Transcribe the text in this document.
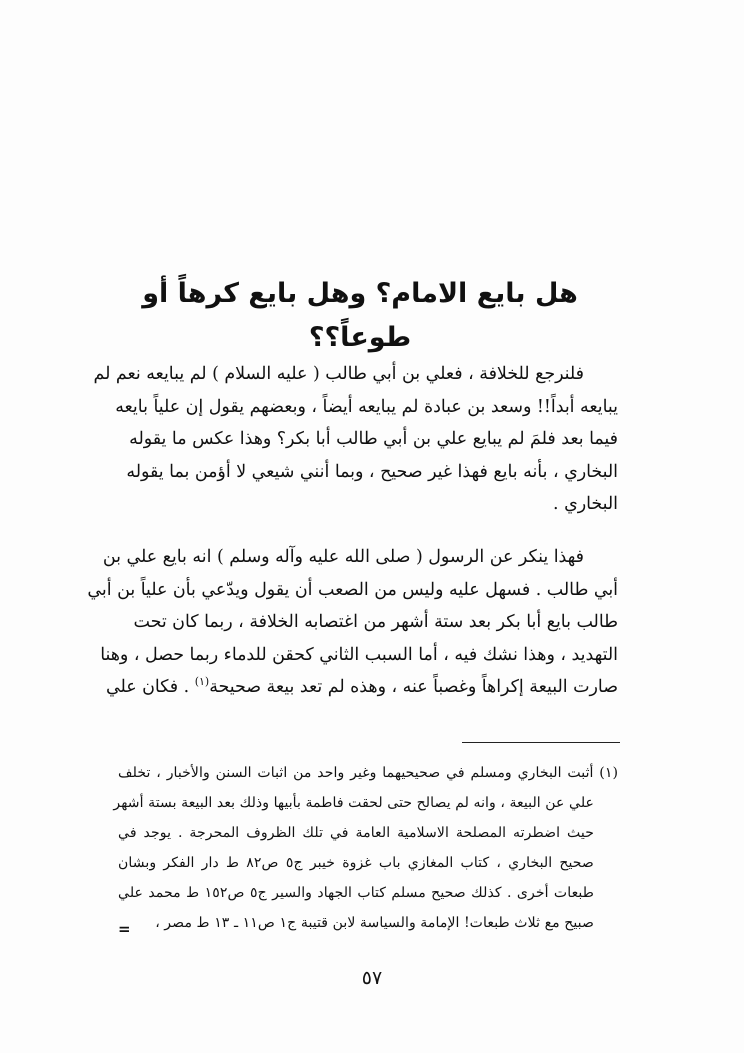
هل بايع الامام؟ وهل بايع كرهاً أو طوعاً؟؟
فلنرجع للخلافة ، فعلي بن أبي طالب ( عليه السلام ) لم يبايعه نعم لم
يبايعه أبداً!! وسعد بن عبادة لم يبايعه أيضاً ، وبعضهم يقول إن علياً بايعه
فيما بعد فلمَ لم يبايع علي بن أبي طالب أبا بكر؟ وهذا عكس ما يقوله
البخاري ، بأنه بايع فهذا غير صحيح ، وبما أنني شيعي لا أؤمن بما يقوله
البخاري .
فهذا ينكر عن الرسول ( صلى الله عليه وآله وسلم ) انه بايع علي بن
أبي طالب . فسهل عليه وليس من الصعب أن يقول ويدّعي بأن علياً بن أبي
طالب بايع أبا بكر بعد ستة أشهر من اغتصابه الخلافة ، ربما كان تحت
التهديد ، وهذا نشك فيه ، أما السبب الثاني كحقن للدماء ربما حصل ، وهنا
صارت البيعة إكراهاً وغصباً عنه ، وهذه لم تعد بيعة صحيحة$^{(١)}$ . فكان علي
(١) أثبت البخاري ومسلم في صحيحيهما وغير واحد من اثبات السنن والأخبار ، تخلف
علي عن البيعة ، وانه لم يصالح حتى لحقت فاطمة بأبيها وذلك بعد البيعة بستة أشهر
حيث اضطرته المصلحة الاسلامية العامة في تلك الظروف المحرجة . يوجد في
صحيح البخاري ، كتاب المغازي باب غزوة خيبر ج٥ ص٨٢ ط دار الفكر وبشان
طبعات أخرى . كذلك صحيح مسلم كتاب الجهاد والسير ج٥ ص١٥٢ ط محمد علي
صبيح مع ثلاث طبعات! الإمامة والسياسة لابن قتيبة ج١ ص١١ ـ ١٣ ط مصر ،
=
٥٧
